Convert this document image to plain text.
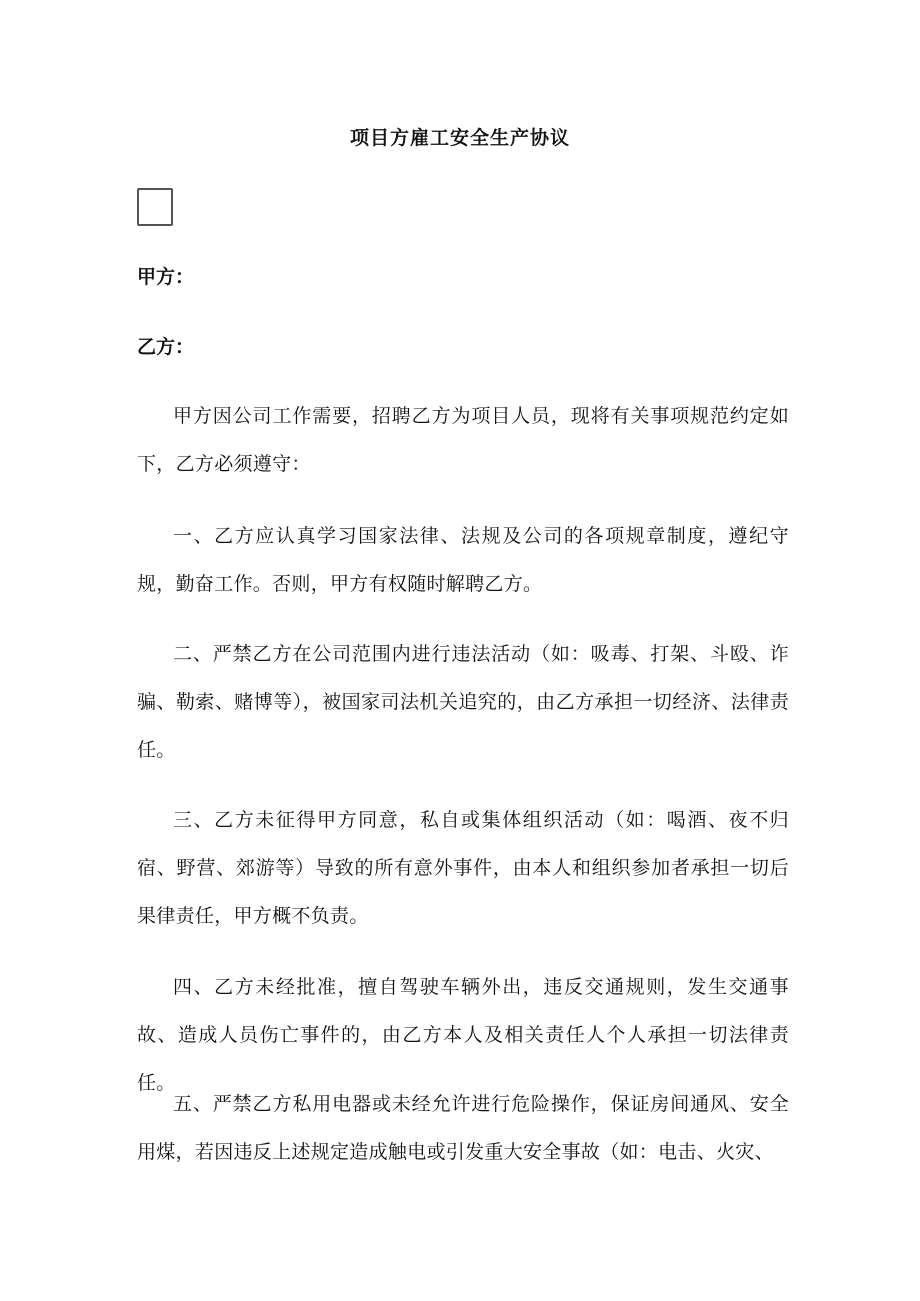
项目方雇工安全生产协议
甲方：
乙方：
甲方因公司工作需要，招聘乙方为项目人员，现将有关事项规范约定如下，乙方必须遵守：
一、乙方应认真学习国家法律、法规及公司的各项规章制度，遵纪守规，勤奋工作。否则，甲方有权随时解聘乙方。
二、严禁乙方在公司范围内进行违法活动（如：吸毒、打架、斗殴、诈骗、勒索、赌博等），被国家司法机关追究的，由乙方承担一切经济、法律责任。
三、乙方未征得甲方同意，私自或集体组织活动（如：喝酒、夜不归宿、野营、郊游等）导致的所有意外事件，由本人和组织参加者承担一切后果律责任，甲方概不负责。
四、乙方未经批准，擅自驾驶车辆外出，违反交通规则，发生交通事故、造成人员伤亡事件的，由乙方本人及相关责任人个人承担一切法律责任。
五、严禁乙方私用电器或未经允许进行危险操作，保证房间通风、安全用煤，若因违反上述规定造成触电或引发重大安全事故（如：电击、火灾、
